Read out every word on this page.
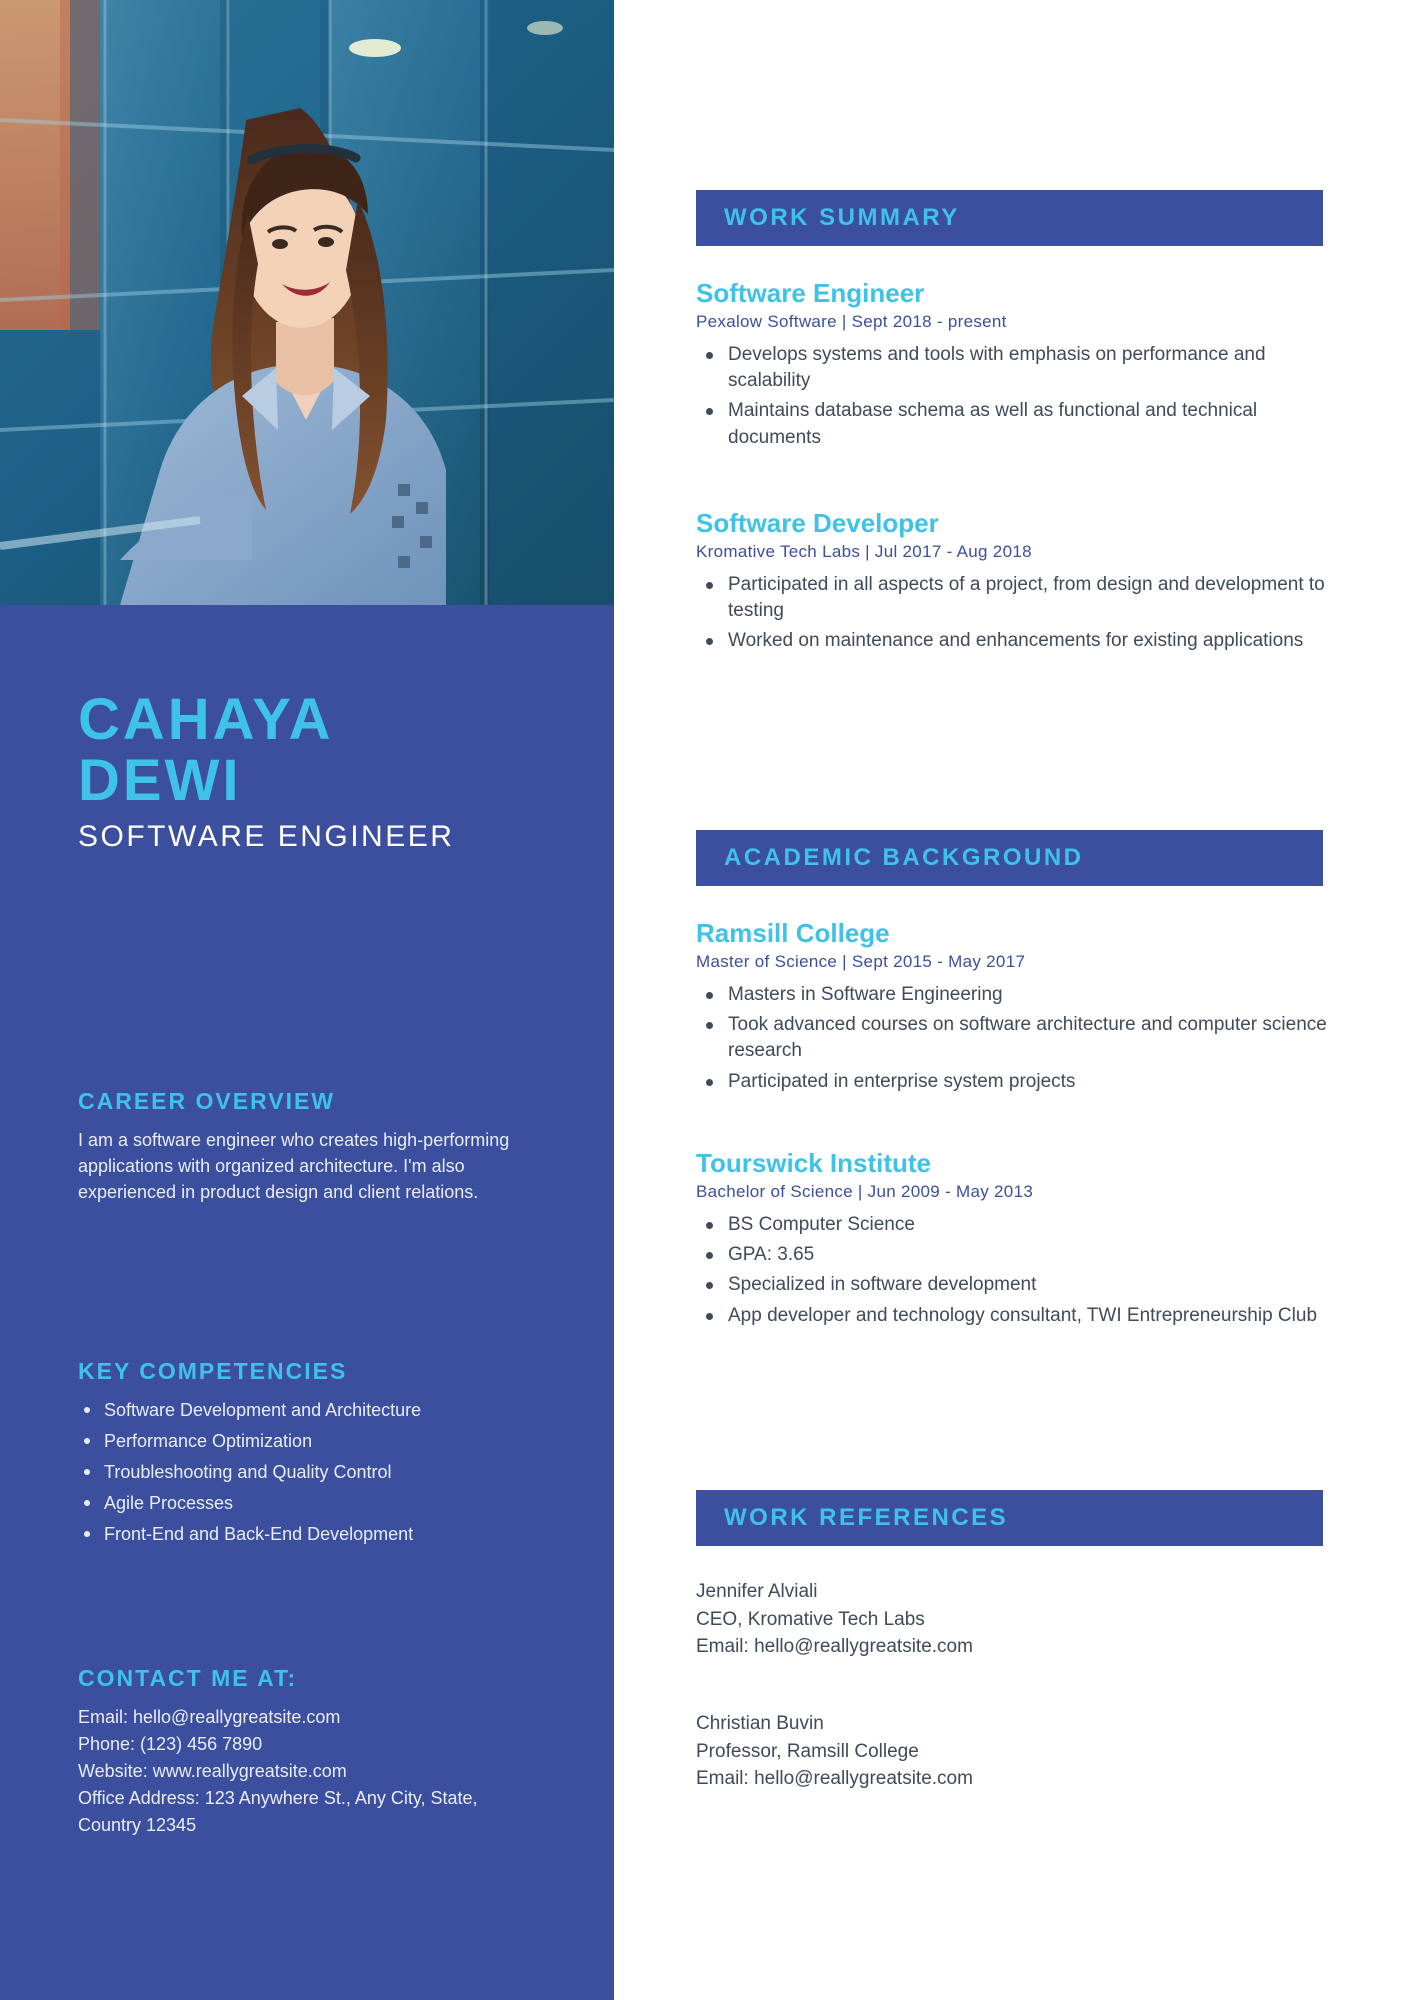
CAHAYA
DEWI
SOFTWARE ENGINEER
CAREER OVERVIEW
I am a software engineer who creates high-performing applications with organized architecture. I'm also experienced in product design and client relations.
KEY COMPETENCIES
Software Development and Architecture
Performance Optimization
Troubleshooting and Quality Control
Agile Processes
Front-End and Back-End Development
CONTACT ME AT:
Email: hello@reallygreatsite.com
Phone: (123) 456 7890
Website: www.reallygreatsite.com
Office Address: 123 Anywhere St., Any City, State, Country 12345
WORK SUMMARY
Software Engineer
Pexalow Software | Sept 2018 - present
Develops systems and tools with emphasis on performance and scalability
Maintains database schema as well as functional and technical documents
Software Developer
Kromative Tech Labs | Jul 2017 - Aug 2018
Participated in all aspects of a project, from design and development to testing
Worked on maintenance and enhancements for existing applications
ACADEMIC BACKGROUND
Ramsill College
Master of Science | Sept 2015 - May 2017
Masters in Software Engineering
Took advanced courses on software architecture and computer science research
Participated in enterprise system projects
Tourswick Institute
Bachelor of Science | Jun 2009 - May 2013
BS Computer Science
GPA: 3.65
Specialized in software development
App developer and technology consultant, TWI Entrepreneurship Club
WORK REFERENCES
Jennifer Alviali
CEO, Kromative Tech Labs
Email: hello@reallygreatsite.com
Christian Buvin
Professor, Ramsill College
Email: hello@reallygreatsite.com
